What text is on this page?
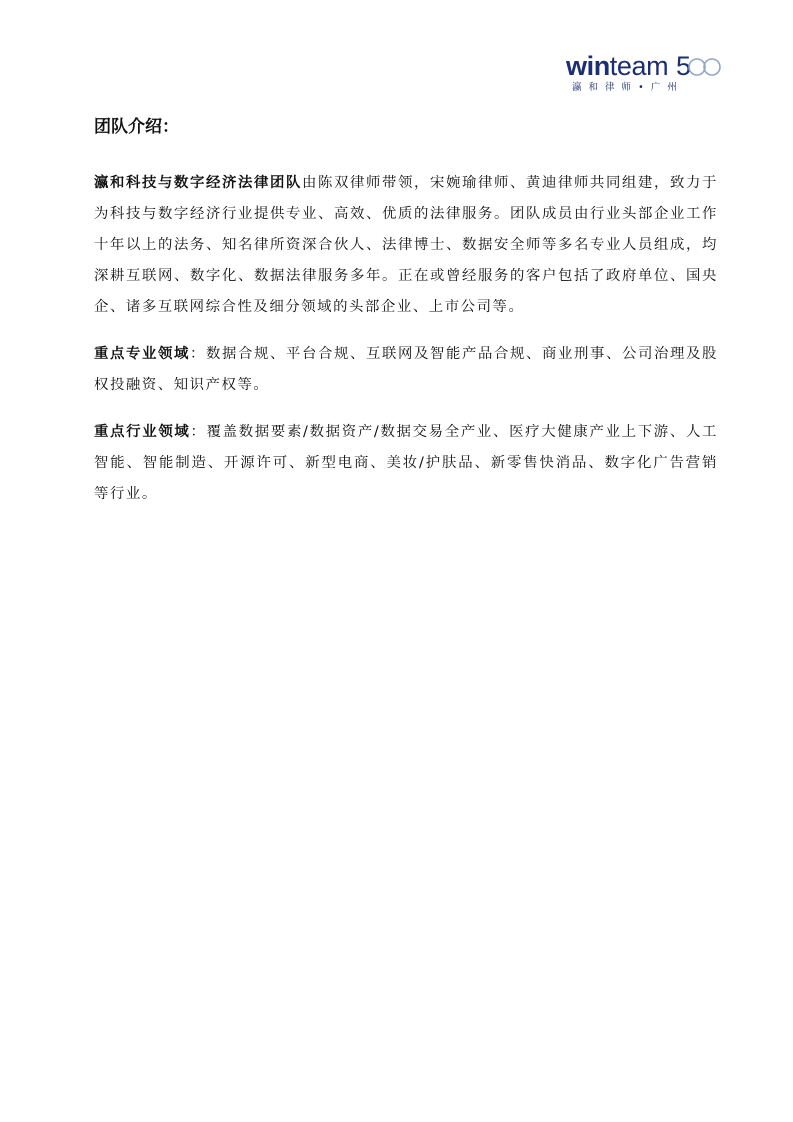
winteam 5
瀛 和 律 师 • 广 州
团队介绍：

瀛和科技与数字经济法律团队由陈双律师带领，宋婉瑜律师、黄迪律师共同组建，致力于为科技与数字经济行业提供专业、高效、优质的法律服务。团队成员由行业头部企业工作十年以上的法务、知名律所资深合伙人、法律博士、数据安全师等多名专业人员组成，均深耕互联网、数字化、数据法律服务多年。正在或曾经服务的客户包括了政府单位、国央企、诸多互联网综合性及细分领域的头部企业、上市公司等。

重点专业领域：数据合规、平台合规、互联网及智能产品合规、商业刑事、公司治理及股权投融资、知识产权等。

重点行业领域：覆盖数据要素/数据资产/数据交易全产业、医疗大健康产业上下游、人工智能、智能制造、开源许可、新型电商、美妆/护肤品、新零售快消品、数字化广告营销等行业。
